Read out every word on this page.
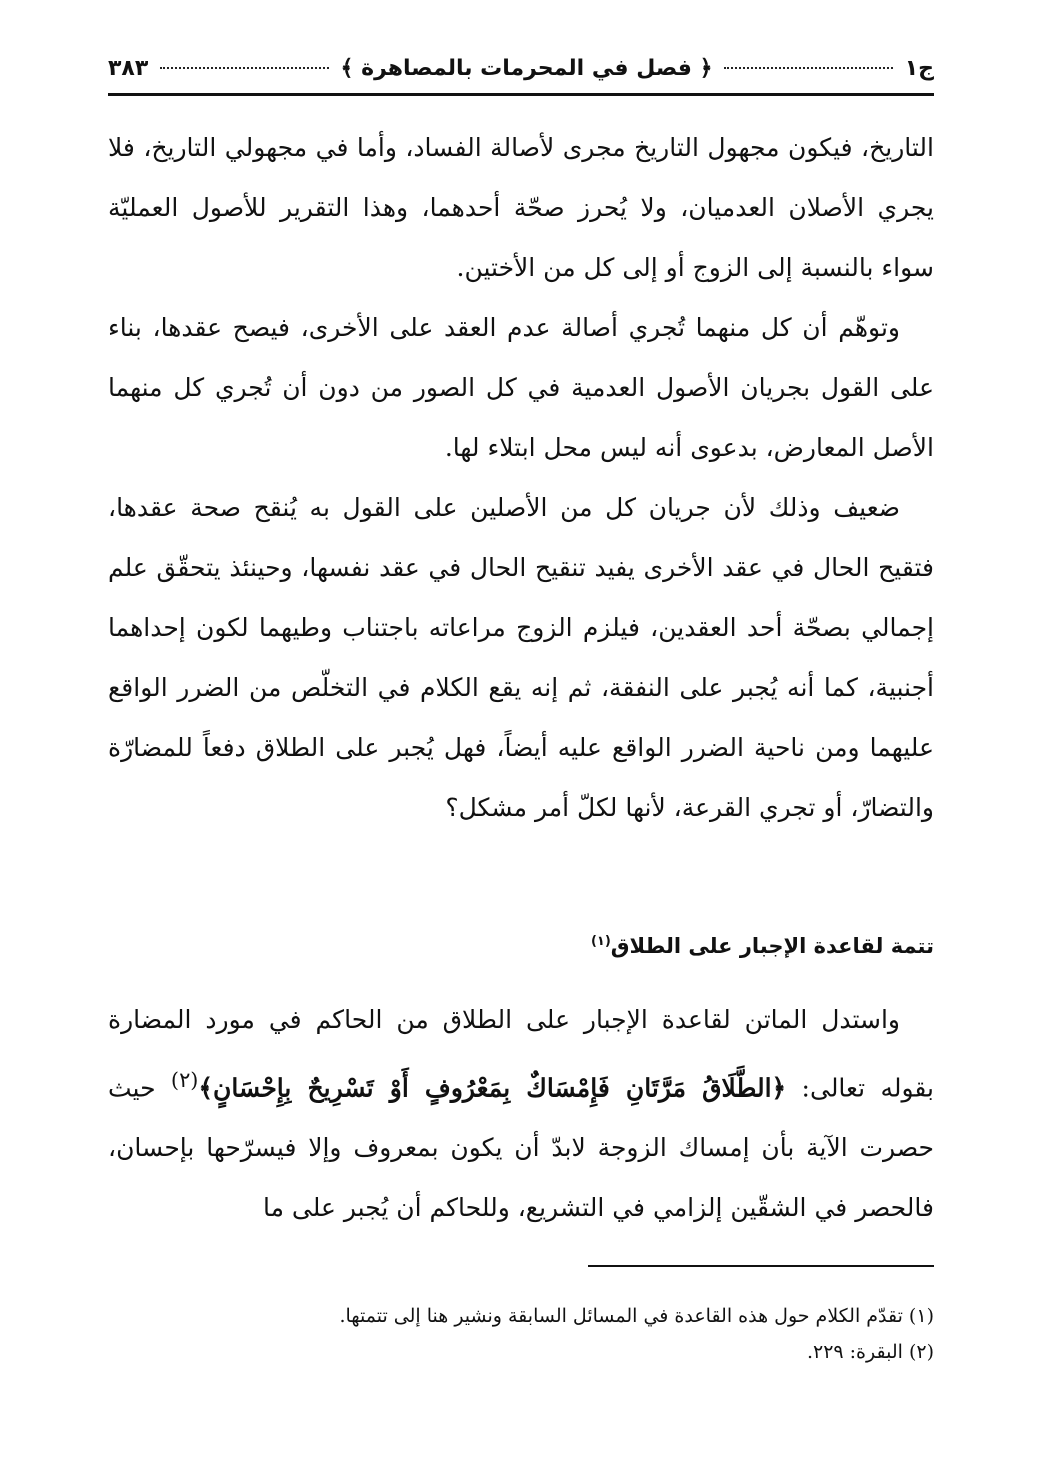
ج١
﴿ فصل في المحرمات بالمصاهرة ﴾
٣٨٣

التاريخ، فيكون مجهول التاريخ مجرى لأصالة الفساد، وأما في مجهولي التاريخ، فلا يجري الأصلان العدميان، ولا يُحرز صحّة أحدهما، وهذا التقرير للأصول العمليّة سواء بالنسبة إلى الزوج أو إلى كل من الأختين.

وتوهّم أن كل منهما تُجري أصالة عدم العقد على الأخرى، فيصح عقدها، بناء على القول بجريان الأصول العدمية في كل الصور من دون أن تُجري كل منهما الأصل المعارض، بدعوى أنه ليس محل ابتلاء لها.

ضعيف وذلك لأن جريان كل من الأصلين على القول به يُنقح صحة عقدها، فتقيح الحال في عقد الأخرى يفيد تنقيح الحال في عقد نفسها، وحينئذ يتحقّق علم إجمالي بصحّة أحد العقدين، فيلزم الزوج مراعاته باجتناب وطيهما لكون إحداهما أجنبية، كما أنه يُجبر على النفقة، ثم إنه يقع الكلام في التخلّص من الضرر الواقع عليهما ومن ناحية الضرر الواقع عليه أيضاً، فهل يُجبر على الطلاق دفعاً للمضارّة والتضارّ، أو تجري القرعة، لأنها لكلّ أمر مشكل؟

تتمة لقاعدة الإجبار على الطلاق$^{(١)}$

واستدل الماتن لقاعدة الإجبار على الطلاق من الحاكم في مورد المضارة بقوله تعالى: ﴿الطَّلَاقُ مَرَّتَانِ فَإِمْسَاكٌ بِمَعْرُوفٍ أَوْ تَسْرِيحٌ بِإِحْسَانٍ﴾$^{(٢)}$ حيث حصرت الآية بأن إمساك الزوجة لابدّ أن يكون بمعروف وإلا فيسرّحها بإحسان، فالحصر في الشقّين إلزامي في التشريع، وللحاكم أن يُجبر على ما

(١) تقدّم الكلام حول هذه القاعدة في المسائل السابقة ونشير هنا إلى تتمتها.
(٢) البقرة: ٢٢٩.
